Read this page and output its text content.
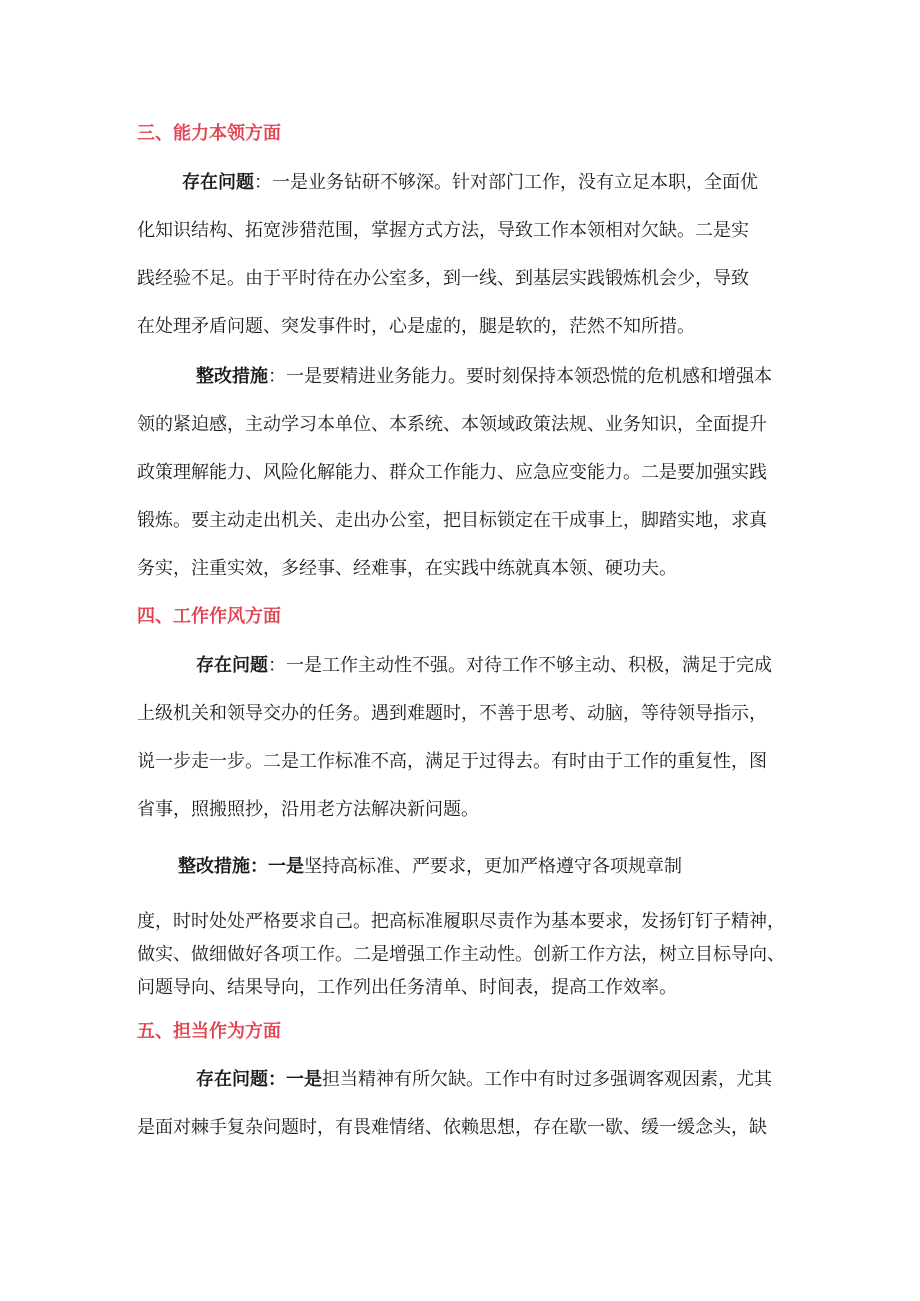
三、能力本领方面
存在问题：一是业务钻研不够深。针对部门工作，没有立足本职，全面优
化知识结构、拓宽涉猎范围，掌握方式方法，导致工作本领相对欠缺。二是实
践经验不足。由于平时待在办公室多，到一线、到基层实践锻炼机会少，导致
在处理矛盾问题、突发事件时，心是虚的，腿是软的，茫然不知所措。
整改措施：一是要精进业务能力。要时刻保持本领恐慌的危机感和增强本
领的紧迫感，主动学习本单位、本系统、本领域政策法规、业务知识，全面提升
政策理解能力、风险化解能力、群众工作能力、应急应变能力。二是要加强实践
锻炼。要主动走出机关、走出办公室，把目标锁定在干成事上，脚踏实地，求真
务实，注重实效，多经事、经难事，在实践中练就真本领、硬功夫。
四、工作作风方面
存在问题：一是工作主动性不强。对待工作不够主动、积极，满足于完成
上级机关和领导交办的任务。遇到难题时，不善于思考、动脑，等待领导指示，
说一步走一步。二是工作标准不高，满足于过得去。有时由于工作的重复性，图
省事，照搬照抄，沿用老方法解决新问题。
整改措施：一是坚持高标准、严要求，更加严格遵守各项规章制
度，时时处处严格要求自己。把高标准履职尽责作为基本要求，发扬钉钉子精神，
做实、做细做好各项工作。二是增强工作主动性。创新工作方法，树立目标导向、
问题导向、结果导向，工作列出任务清单、时间表，提高工作效率。
五、担当作为方面
存在问题：一是担当精神有所欠缺。工作中有时过多强调客观因素，尤其
是面对棘手复杂问题时，有畏难情绪、依赖思想，存在歇一歇、缓一缓念头，缺
